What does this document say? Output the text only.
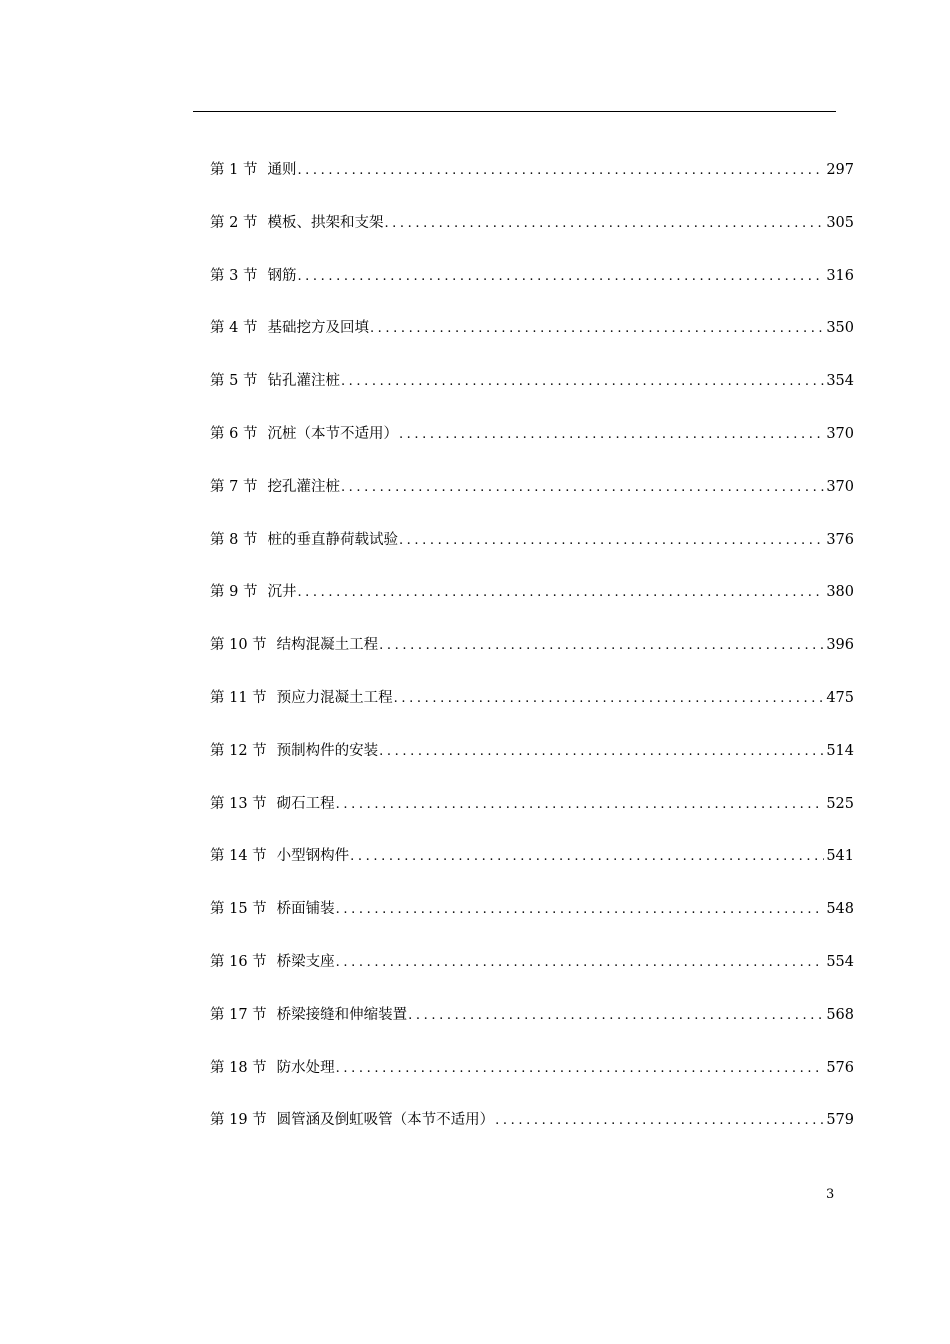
第 1 节 通则 .....	297
第 2 节 模板、拱架和支架 .....	305
第 3 节 钢筋 .....	316
第 4 节 基础挖方及回填 .....	350
第 5 节 钻孔灌注桩 .....	354
第 6 节 沉桩（本节不适用） .....	370
第 7 节 挖孔灌注桩 .....	370
第 8 节 桩的垂直静荷载试验 .....	376
第 9 节 沉井 .....	380
第 10 节 结构混凝土工程 .....	396
第 11 节 预应力混凝土工程 .....	475
第 12 节 预制构件的安装 .....	514
第 13 节 砌石工程 .....	525
第 14 节 小型钢构件 .....	541
第 15 节 桥面铺装 .....	548
第 16 节 桥梁支座 .....	554
第 17 节 桥梁接缝和伸缩装置 .....	568
第 18 节 防水处理 .....	576
第 19 节 圆管涵及倒虹吸管（本节不适用） .....	579
3
